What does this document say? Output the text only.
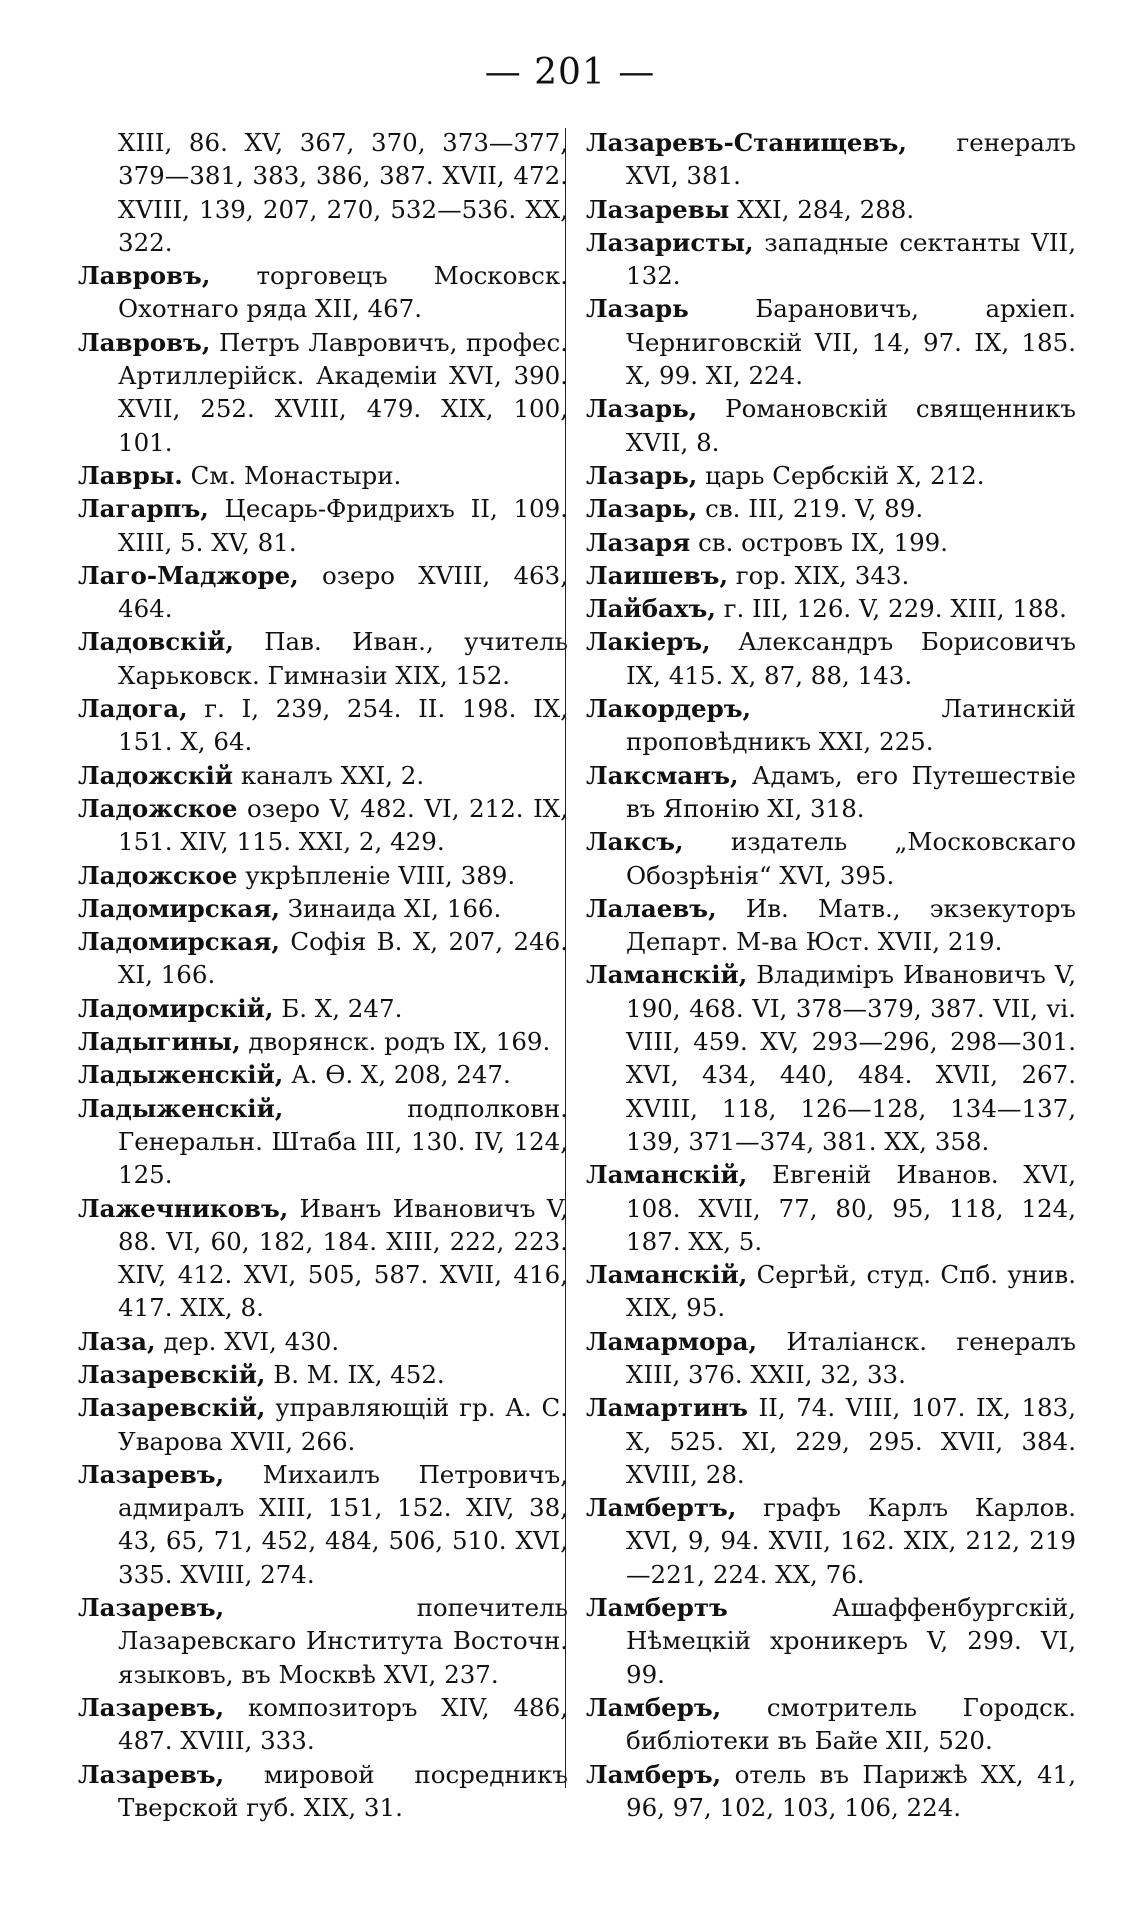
— 201 —

XIII, 86. XV, 367, 370, 373—377, 379—381, 383, 386, 387. XVII, 472. XVIII, 139, 207, 270, 532—536. XX, 322.

Лавровъ, торговецъ Московск. Охотнаго ряда XII, 467.

Лавровъ, Петръ Лавровичъ, профес. Артиллерійск. Академіи XVI, 390. XVII, 252. XVIII, 479. XIX, 100, 101.

Лавры. См. Монастыри.

Лагарпъ, Цесарь-Фридрихъ II, 109. XIII, 5. XV, 81.

Лаго-Маджоре, озеро XVIII, 463, 464.

Ладовскій, Пав. Иван., учитель Харьковск. Гимназіи XIX, 152.

Ладога, г. I, 239, 254. II. 198. IX, 151. X, 64.

Ладожскій каналъ XXI, 2.

Ладожское озеро V, 482. VI, 212. IX, 151. XIV, 115. XXI, 2, 429.

Ладожское укрѣпленіе VIII, 389.

Ладомирская, Зинаида XI, 166.

Ладомирская, Софія В. X, 207, 246. XI, 166.

Ладомирскій, Б. X, 247.

Ладыгины, дворянск. родъ IX, 169.

Ладыженскій, А. Ѳ. X, 208, 247.

Ладыженскій, подполковн. Генеральн. Штаба III, 130. IV, 124, 125.

Лажечниковъ, Иванъ Ивановичъ V, 88. VI, 60, 182, 184. XIII, 222, 223. XIV, 412. XVI, 505, 587. XVII, 416, 417. XIX, 8.

Лаза, дер. XVI, 430.

Лазаревскій, В. М. IX, 452.

Лазаревскій, управляющій гр. А. С. Уварова XVII, 266.

Лазаревъ, Михаилъ Петровичъ, адмиралъ XIII, 151, 152. XIV, 38, 43, 65, 71, 452, 484, 506, 510. XVI, 335. XVIII, 274.

Лазаревъ, попечитель Лазаревскаго Института Восточн. языковъ, въ Москвѣ XVI, 237.

Лазаревъ, композиторъ XIV, 486, 487. XVIII, 333.

Лазаревъ, мировой посредникъ Тверской губ. XIX, 31.

Лазаревъ-Станищевъ, генералъ XVI, 381.

Лазаревы XXI, 284, 288.

Лазаристы, западные сектанты VII, 132.

Лазарь Барановичъ, архіеп. Черниговскій VII, 14, 97. IX, 185. X, 99. XI, 224.

Лазарь, Романовскій священникъ XVII, 8.

Лазарь, царь Сербскій X, 212.

Лазарь, св. III, 219. V, 89.

Лазаря св. островъ IX, 199.

Лаишевъ, гор. XIX, 343.

Лайбахъ, г. III, 126. V, 229. XIII, 188.

Лакіеръ, Александръ Борисовичъ IX, 415. X, 87, 88, 143.

Лакордеръ, Латинскій проповѣдникъ XXI, 225.

Лаксманъ, Адамъ, его Путешествіе въ Японію XI, 318.

Лаксъ, издатель „Московскаго Обозрѣнія“ XVI, 395.

Лалаевъ, Ив. Матв., экзекуторъ Департ. М-ва Юст. XVII, 219.

Ламанскій, Владиміръ Ивановичъ V, 190, 468. VI, 378—379, 387. VII, vi. VIII, 459. XV, 293—296, 298—301. XVI, 434, 440, 484. XVII, 267. XVIII, 118, 126—128, 134—137, 139, 371—374, 381. XX, 358.

Ламанскій, Евгеній Иванов. XVI, 108. XVII, 77, 80, 95, 118, 124, 187. XX, 5.

Ламанскій, Сергѣй, студ. Спб. унив. XIX, 95.

Ламармора, Италіанск. генералъ XIII, 376. XXII, 32, 33.

Ламартинъ II, 74. VIII, 107. IX, 183, X, 525. XI, 229, 295. XVII, 384. XVIII, 28.

Ламбертъ, графъ Карлъ Карлов. XVI, 9, 94. XVII, 162. XIX, 212, 219—221, 224. XX, 76.

Ламбертъ Ашаффенбургскій, Нѣмецкій хроникеръ V, 299. VI, 99.

Ламберъ, смотритель Городск. библіотеки въ Байе XII, 520.

Ламберъ, отель въ Парижѣ XX, 41, 96, 97, 102, 103, 106, 224.
